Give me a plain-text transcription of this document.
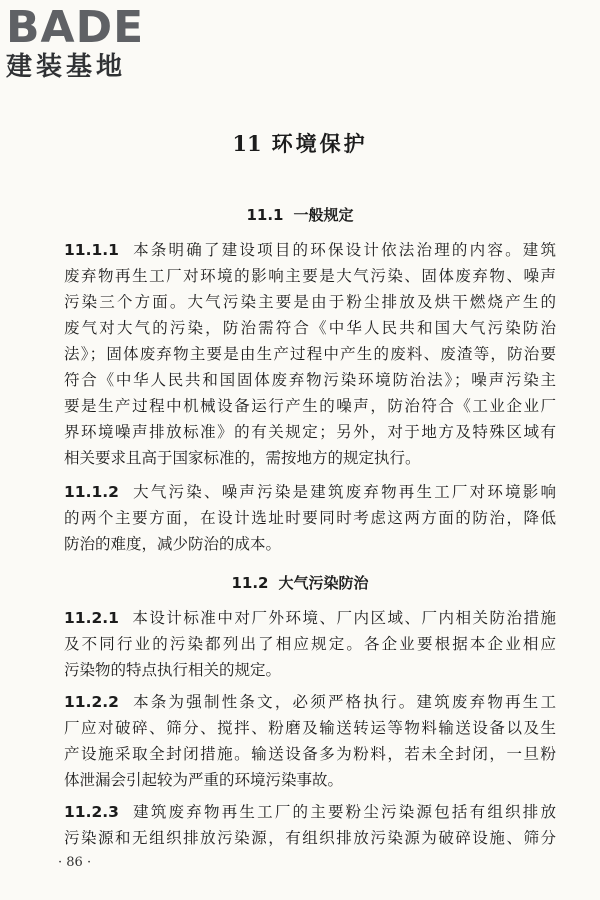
BADE
建装基地
11 环境保护
11.1 一般规定
11.1.1 本条明确了建设项目的环保设计依法治理的内容。建筑
废弃物再生工厂对环境的影响主要是大气污染、固体废弃物、噪声
污染三个方面。大气污染主要是由于粉尘排放及烘干燃烧产生的
废气对大气的污染，防治需符合《中华人民共和国大气污染防治
法》；固体废弃物主要是由生产过程中产生的废料、废渣等，防治要
符合《中华人民共和国固体废弃物污染环境防治法》；噪声污染主
要是生产过程中机械设备运行产生的噪声，防治符合《工业企业厂
界环境噪声排放标准》的有关规定；另外，对于地方及特殊区域有
相关要求且高于国家标准的，需按地方的规定执行。
11.1.2 大气污染、噪声污染是建筑废弃物再生工厂对环境影响
的两个主要方面，在设计选址时要同时考虑这两方面的防治，降低
防治的难度，减少防治的成本。
11.2 大气污染防治
11.2.1 本设计标准中对厂外环境、厂内区域、厂内相关防治措施
及不同行业的污染都列出了相应规定。各企业要根据本企业相应
污染物的特点执行相关的规定。
11.2.2 本条为强制性条文，必须严格执行。建筑废弃物再生工
厂应对破碎、筛分、搅拌、粉磨及输送转运等物料输送设备以及生
产设施采取全封闭措施。输送设备多为粉料，若未全封闭，一旦粉
体泄漏会引起较为严重的环境污染事故。
11.2.3 建筑废弃物再生工厂的主要粉尘污染源包括有组织排放
污染源和无组织排放污染源，有组织排放污染源为破碎设施、筛分
· 86 ·
